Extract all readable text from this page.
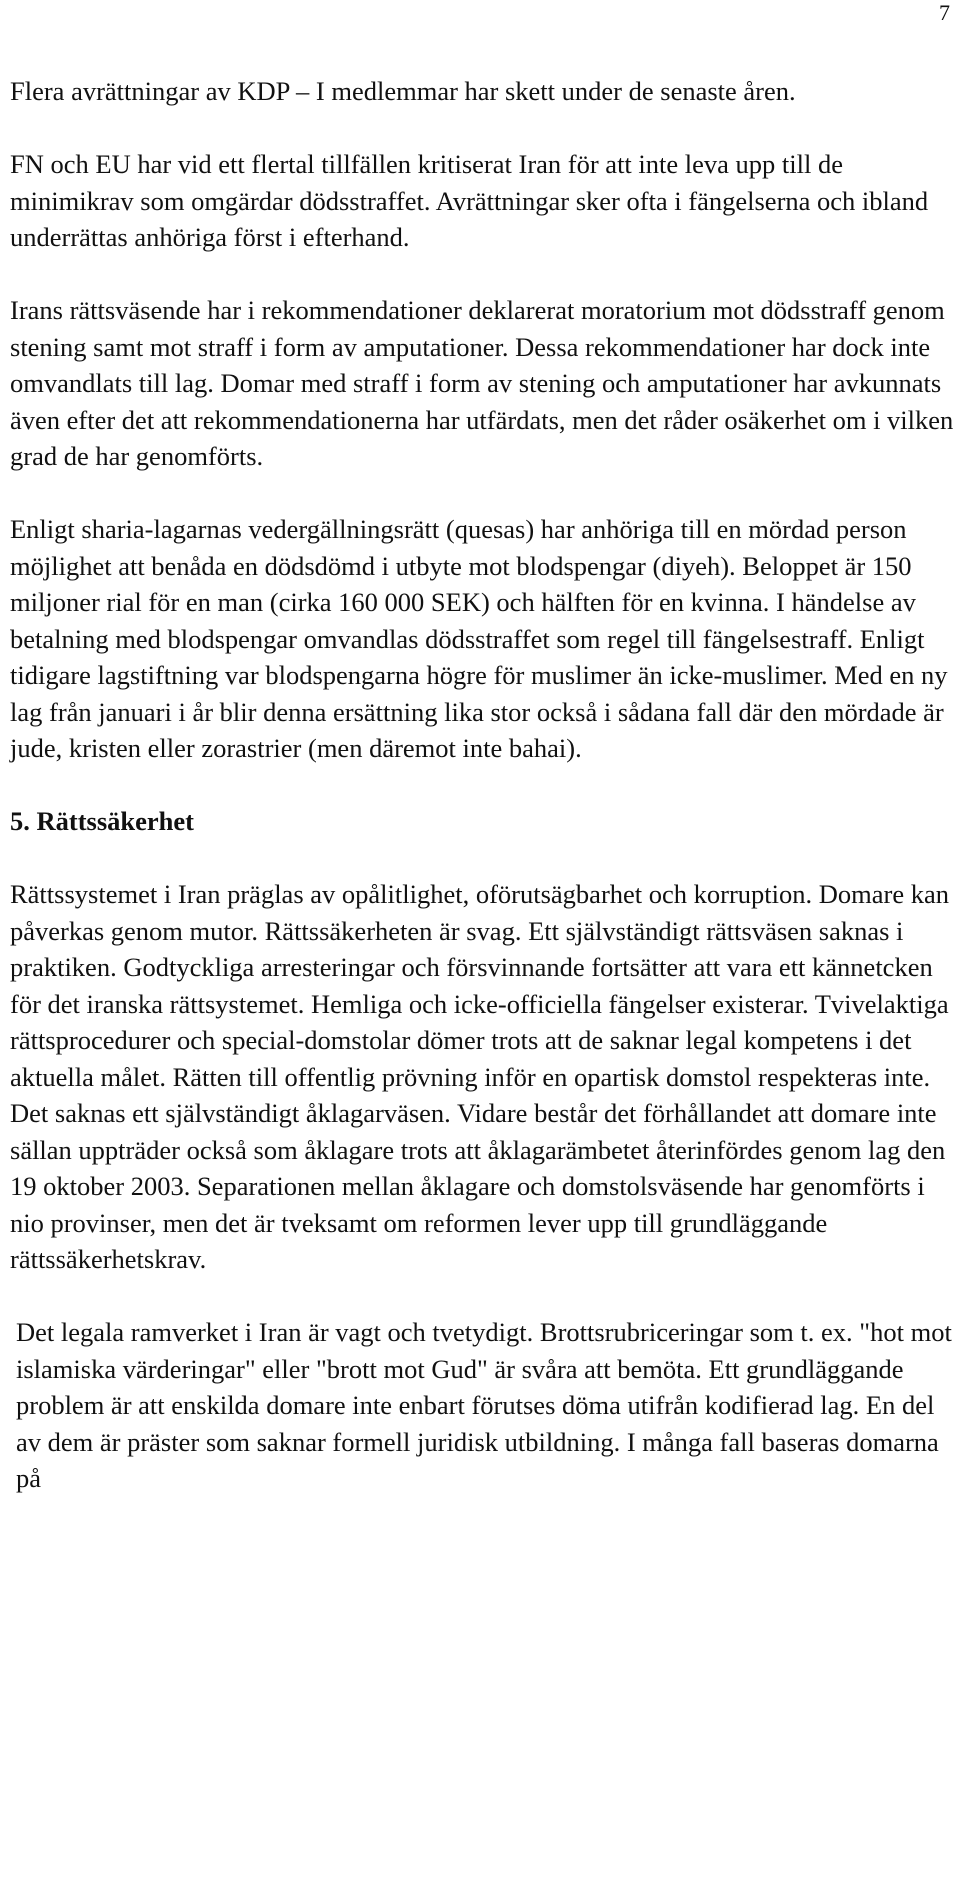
7

Flera avrättningar av KDP – I medlemmar har skett under de senaste åren.

FN och EU har vid ett flertal tillfällen kritiserat Iran för att inte leva upp till de minimikrav som omgärdar dödsstraffet. Avrättningar sker ofta i fängelserna och ibland underrättas anhöriga först i efterhand.

Irans rättsväsende har i rekommendationer deklarerat moratorium mot dödsstraff genom stening samt mot straff i form av amputationer. Dessa rekommendationer har dock inte omvandlats till lag. Domar med straff i form av stening och amputationer har avkunnats även efter det att rekommendationerna har utfärdats, men det råder osäkerhet om i vilken grad de har genomförts.

Enligt sharia-lagarnas vedergällningsrätt (quesas) har anhöriga till en mördad person möjlighet att benåda en dödsdömd i utbyte mot blodspengar (diyeh). Beloppet är 150 miljoner rial för en man (cirka 160 000 SEK) och hälften för en kvinna. I händelse av betalning med blodspengar omvandlas dödsstraffet som regel till fängelsestraff. Enligt tidigare lagstiftning var blodspengarna högre för muslimer än icke-muslimer. Med en ny lag från januari i år blir denna ersättning lika stor också i sådana fall där den mördade är jude, kristen eller zorastrier (men däremot inte bahai).

5. Rättssäkerhet

Rättssystemet i Iran präglas av opålitlighet, oförutsägbarhet och korruption. Domare kan påverkas genom mutor. Rättssäkerheten är svag. Ett självständigt rättsväsen saknas i praktiken. Godtyckliga arresteringar och försvinnande fortsätter att vara ett kännetcken för det iranska rättsystemet. Hemliga och icke-officiella fängelser existerar. Tvivelaktiga rättsprocedurer och special-domstolar dömer trots att de saknar legal kompetens i det aktuella målet. Rätten till offentlig prövning inför en opartisk domstol respekteras inte. Det saknas ett självständigt åklagarväsen. Vidare består det förhållandet att domare inte sällan uppträder också som åklagare trots att åklagarämbetet återinfördes genom lag den 19 oktober 2003. Separationen mellan åklagare och domstolsväsende har genomförts i nio provinser, men det är tveksamt om reformen lever upp till grundläggande rättssäkerhetskrav.

Det legala ramverket i Iran är vagt och tvetydigt. Brottsrubriceringar som t. ex. "hot mot islamiska värderingar" eller "brott mot Gud" är svåra att bemöta. Ett grundläggande problem är att enskilda domare inte enbart förutses döma utifrån kodifierad lag. En del av dem är präster som saknar formell juridisk utbildning. I många fall baseras domarna på
